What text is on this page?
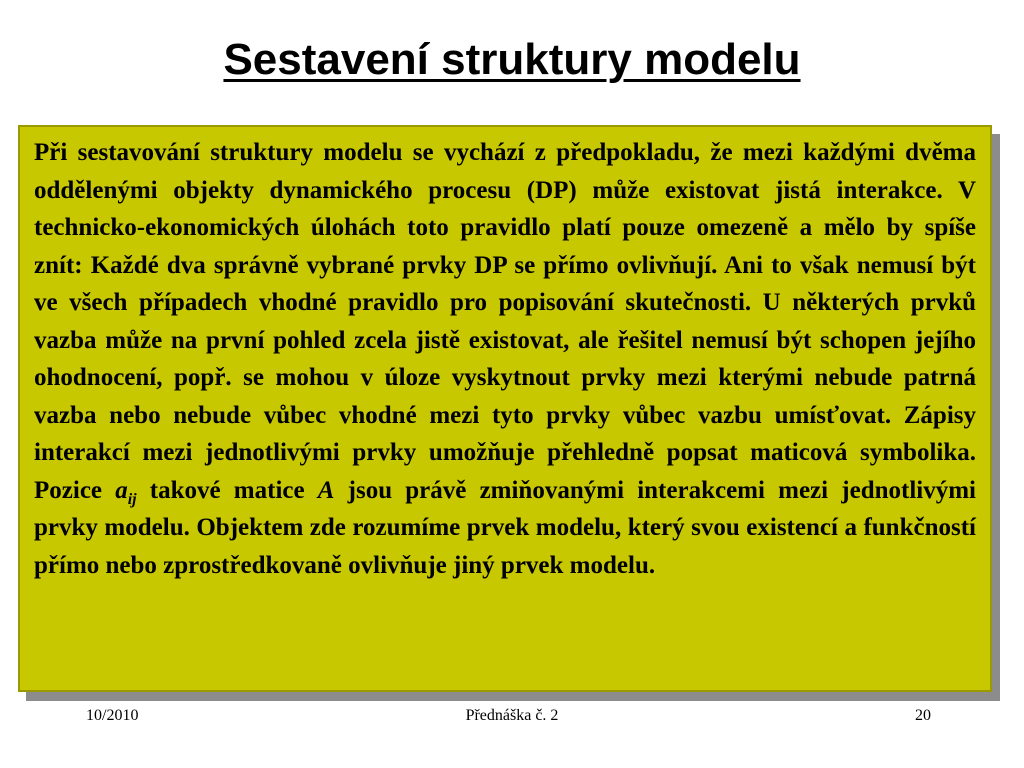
Sestavení struktury modelu

Při sestavování struktury modelu se vychází z předpokladu, že mezi každými dvěma oddělenými objekty dynamického procesu (DP) může existovat jistá interakce. V technicko-ekonomických úlohách toto pravidlo platí pouze omezeně a mělo by spíše znít: Každé dva správně vybrané prvky DP se přímo ovlivňují. Ani to však nemusí být ve všech případech vhodné pravidlo pro popisování skutečnosti. U některých prvků vazba může na první pohled zcela jistě existovat, ale řešitel nemusí být schopen jejího ohodnocení, popř. se mohou v úloze vyskytnout prvky mezi kterými nebude patrná vazba nebo nebude vůbec vhodné mezi tyto prvky vůbec vazbu umísťovat. Zápisy interakcí mezi jednotlivými prvky umožňuje přehledně popsat maticová symbolika. Pozice $a_{ij}$ takové matice A jsou právě zmiňovanými interakcemi mezi jednotlivými prvky modelu. Objektem zde rozumíme prvek modelu, který svou existencí a funkčností přímo nebo zprostředkovaně ovlivňuje jiný prvek modelu.

10/2010	Přednáška č. 2	20
